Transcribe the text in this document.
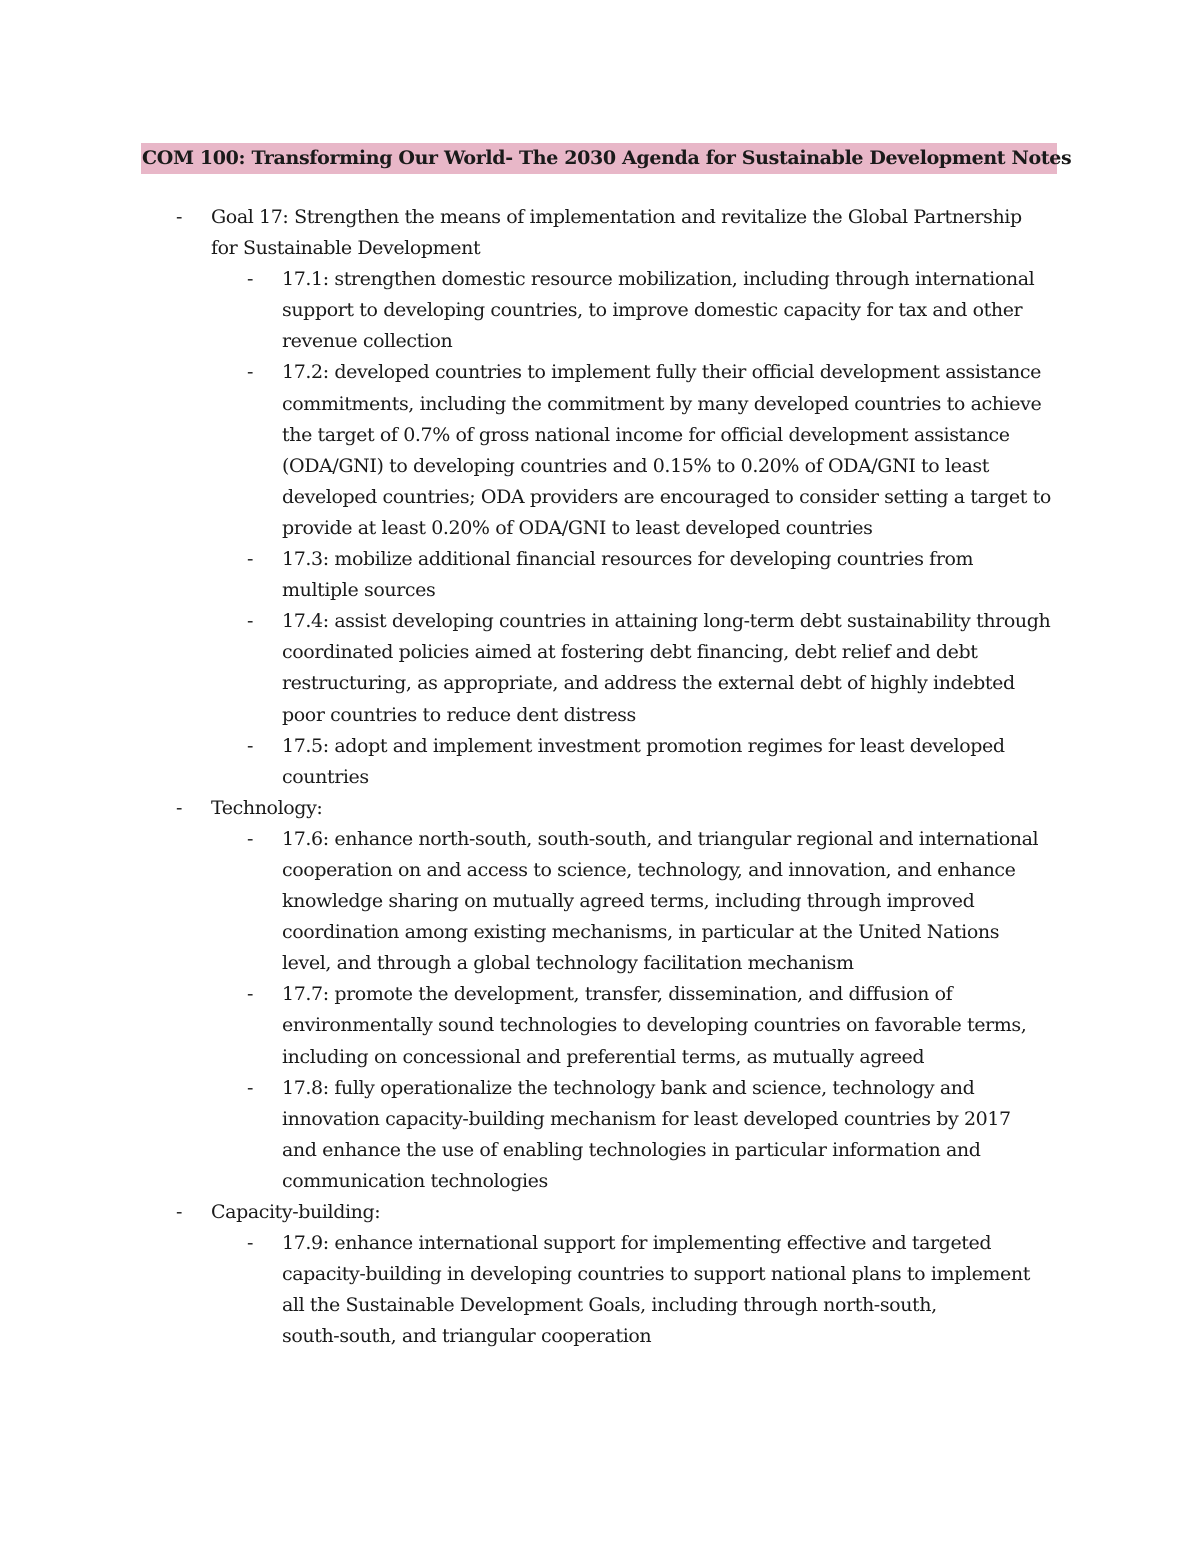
COM 100: Transforming Our World- The 2030 Agenda for Sustainable Development Notes
- Goal 17: Strengthen the means of implementation and revitalize the Global Partnership
for Sustainable Development
- 17.1: strengthen domestic resource mobilization, including through international
support to developing countries, to improve domestic capacity for tax and other
revenue collection
- 17.2: developed countries to implement fully their official development assistance
commitments, including the commitment by many developed countries to achieve
the target of 0.7% of gross national income for official development assistance
(ODA/GNI) to developing countries and 0.15% to 0.20% of ODA/GNI to least
developed countries; ODA providers are encouraged to consider setting a target to
provide at least 0.20% of ODA/GNI to least developed countries
- 17.3: mobilize additional financial resources for developing countries from
multiple sources
- 17.4: assist developing countries in attaining long-term debt sustainability through
coordinated policies aimed at fostering debt financing, debt relief and debt
restructuring, as appropriate, and address the external debt of highly indebted
poor countries to reduce dent distress
- 17.5: adopt and implement investment promotion regimes for least developed
countries
- Technology:
- 17.6: enhance north-south, south-south, and triangular regional and international
cooperation on and access to science, technology, and innovation, and enhance
knowledge sharing on mutually agreed terms, including through improved
coordination among existing mechanisms, in particular at the United Nations
level, and through a global technology facilitation mechanism
- 17.7: promote the development, transfer, dissemination, and diffusion of
environmentally sound technologies to developing countries on favorable terms,
including on concessional and preferential terms, as mutually agreed
- 17.8: fully operationalize the technology bank and science, technology and
innovation capacity-building mechanism for least developed countries by 2017
and enhance the use of enabling technologies in particular information and
communication technologies
- Capacity-building:
- 17.9: enhance international support for implementing effective and targeted
capacity-building in developing countries to support national plans to implement
all the Sustainable Development Goals, including through north-south,
south-south, and triangular cooperation
